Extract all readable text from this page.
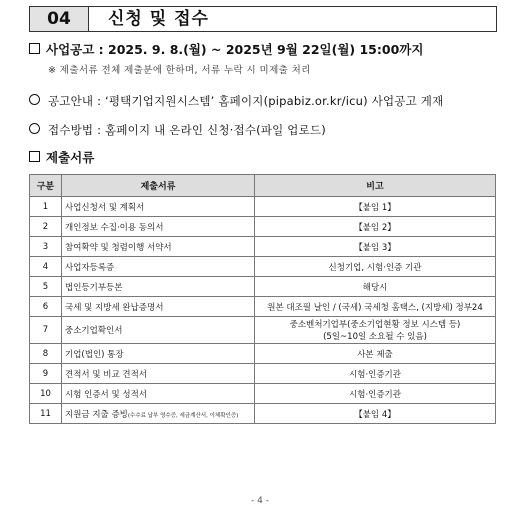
04	신청 및 접수
사업공고 : 2025. 9. 8.(월) ~ 2025년 9월 22일(월) 15:00까지
※ 제출서류 전체 제출분에 한하며, 서류 누락 시 미제출 처리
공고안내 : ‘평택기업지원시스템’ 홈페이지(pipabiz.or.kr/icu) 사업공고 게재
접수방법 : 홈페이지 내 온라인 신청·접수(파일 업로드)
제출서류
구분	제출서류	비고
1	사업신청서 및 계획서	【붙임 1】
2	개인정보 수집·이용 동의서	【붙임 2】
3	참여확약 및 청렴이행 서약서	【붙임 3】
4	사업자등록증	신청기업, 시험·인증 기관
5	법인등기부등본	해당시
6	국세 및 지방세 완납증명서	원본 대조필 날인 / (국세) 국세청 홈택스, (지방세) 정부24
7	중소기업확인서	중소벤처기업부(중소기업현황 정보 시스템 등)
(5일~10일 소요될 수 있음)
8	기업(법인) 통장	사본 제출
9	견적서 및 비교 견적서	시험·인증기관
10	시험 인증서 및 성적서	시험·인증기관
11	지원금 지출 증빙(수수료 납부 영수증, 세금계산서, 이체확인증)	【붙임 4】
- 4 -
